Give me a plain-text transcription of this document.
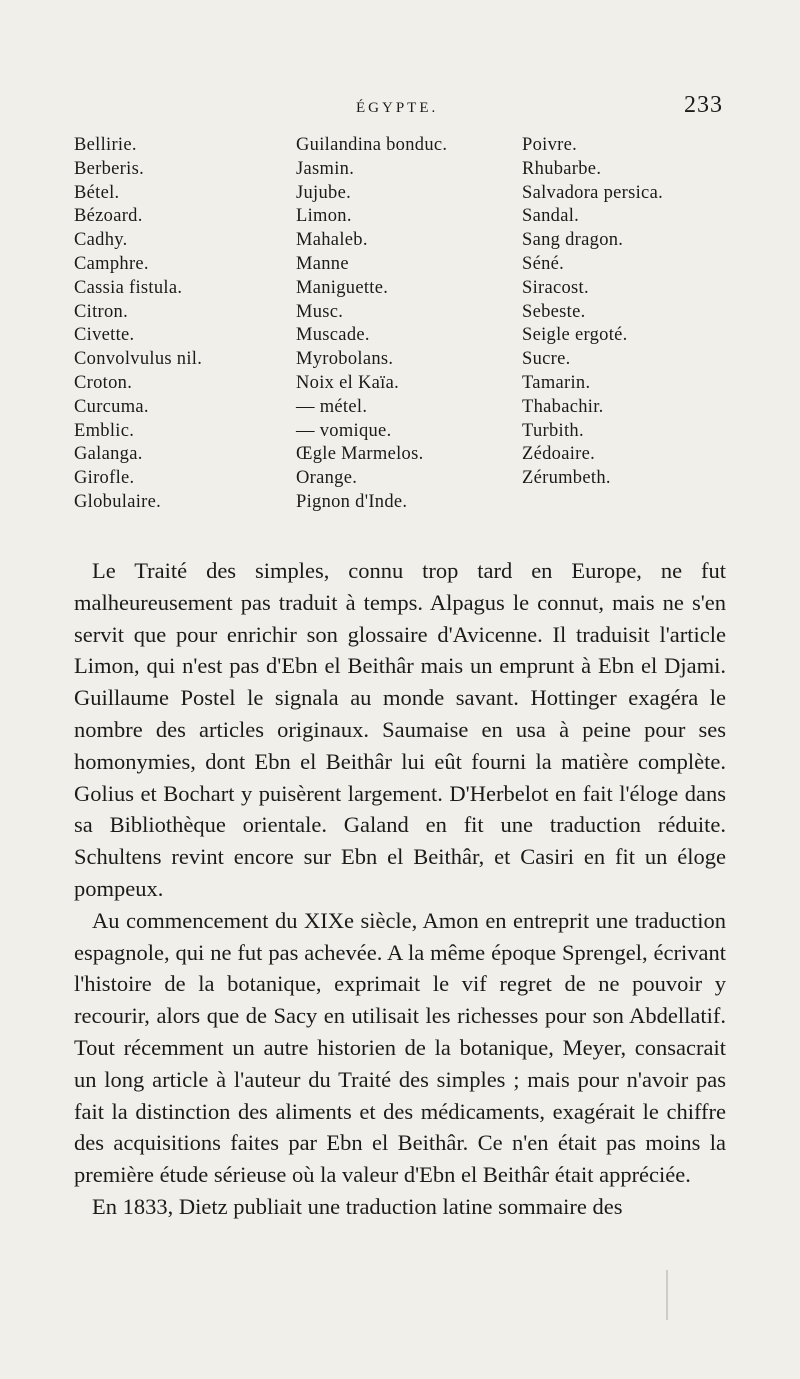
ÉGYPTE.	233
Bellirie.
Berberis.
Bétel.
Bézoard.
Cadhy.
Camphre.
Cassia fistula.
Citron.
Civette.
Convolvulus nil.
Croton.
Curcuma.
Emblic.
Galanga.
Girofle.
Globulaire.
Guilandina bonduc.
Jasmin.
Jujube.
Limon.
Mahaleb.
Manne
Maniguette.
Musc.
Muscade.
Myrobolans.
Noix el Kaïa.
— métel.
— vomique.
Œgle Marmelos.
Orange.
Pignon d'Inde.
Poivre.
Rhubarbe.
Salvadora persica.
Sandal.
Sang dragon.
Séné.
Siracost.
Sebeste.
Seigle ergoté.
Sucre.
Tamarin.
Thabachir.
Turbith.
Zédoaire.
Zérumbeth.

Le Traité des simples, connu trop tard en Europe, ne fut malheureusement pas traduit à temps. Alpagus le connut, mais ne s'en servit que pour enrichir son glossaire d'Avicenne. Il traduisit l'article Limon, qui n'est pas d'Ebn el Beithâr mais un emprunt à Ebn el Djami. Guillaume Postel le signala au monde savant. Hottinger exagéra le nombre des articles originaux. Saumaise en usa à peine pour ses homonymies, dont Ebn el Beithâr lui eût fourni la matière complète. Golius et Bochart y puisèrent largement. D'Herbelot en fait l'éloge dans sa Bibliothèque orientale. Galand en fit une traduction réduite. Schultens revint encore sur Ebn el Beithâr, et Casiri en fit un éloge pompeux.

Au commencement du XIXe siècle, Amon en entreprit une traduction espagnole, qui ne fut pas achevée. A la même époque Sprengel, écrivant l'histoire de la botanique, exprimait le vif regret de ne pouvoir y recourir, alors que de Sacy en utilisait les richesses pour son Abdellatif. Tout récemment un autre historien de la botanique, Meyer, consacrait un long article à l'auteur du Traité des simples ; mais pour n'avoir pas fait la distinction des aliments et des médicaments, exagérait le chiffre des acquisitions faites par Ebn el Beithâr. Ce n'en était pas moins la première étude sérieuse où la valeur d'Ebn el Beithâr était appréciée.

En 1833, Dietz publiait une traduction latine sommaire des
